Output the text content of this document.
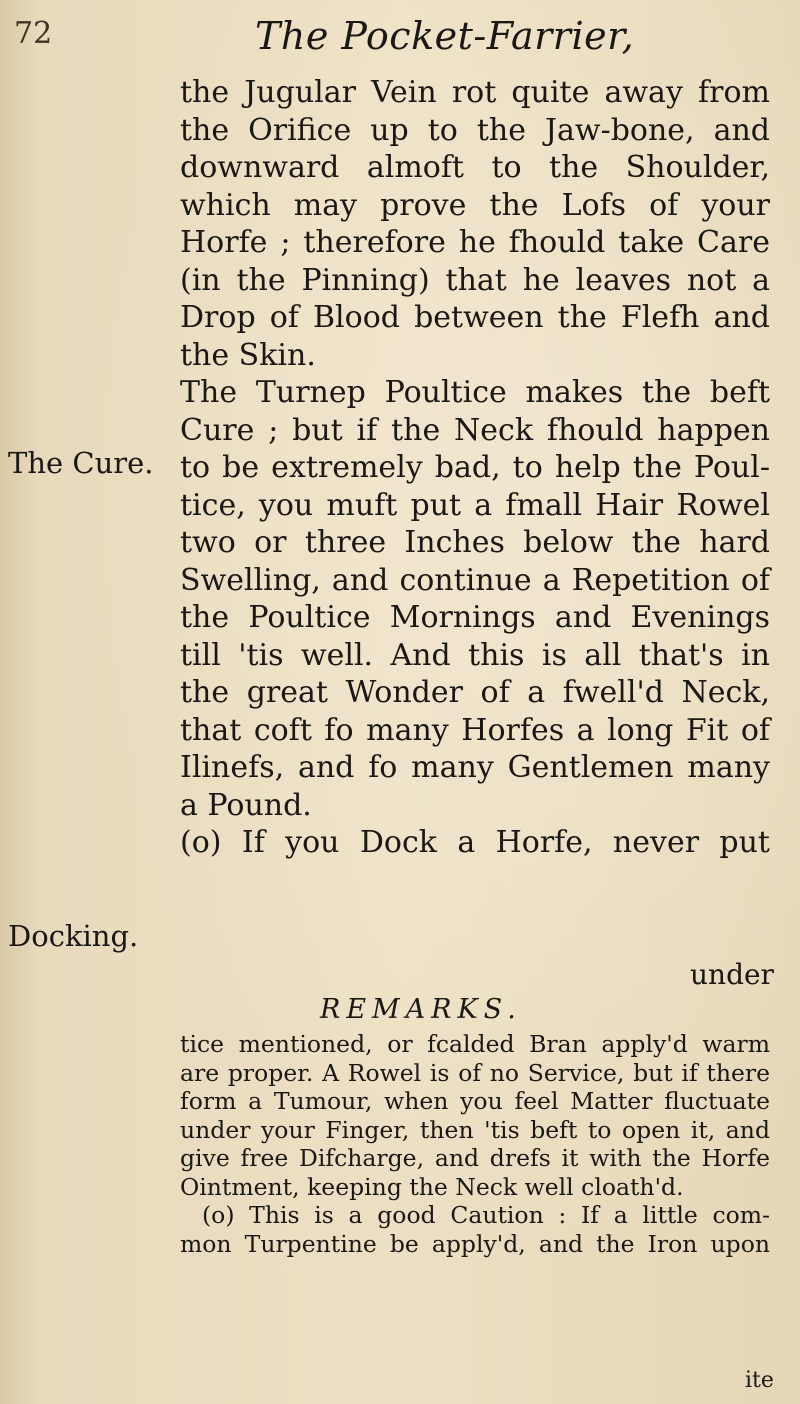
72	The Pocket-Farrier,
The Cure.
Docking.
the Jugular Vein rot quite away from
the Orifice up to the Jaw-bone, and
downward almoft to the Shoulder,
which may prove the Lofs of your
Horfe ; therefore he fhould take Care
(in the Pinning) that he leaves not a
Drop of Blood between the Flefh and
the Skin.
The Turnep Poultice makes the beft
Cure ; but if the Neck fhould happen
to be extremely bad, to help the Poul-
tice, you muft put a fmall Hair Rowel
two or three Inches below the hard
Swelling, and continue a Repetition of
the Poultice Mornings and Evenings
till 'tis well. And this is all that's in
the great Wonder of a fwell'd Neck,
that coft fo many Horfes a long Fit of
Ilinefs, and fo many Gentlemen many
a Pound.
(o) If you Dock a Horfe, never put
under
REMARKS.
tice mentioned, or fcalded Bran apply'd warm
are proper. A Rowel is of no Service, but if there
form a Tumour, when you feel Matter fluctuate
under your Finger, then 'tis beft to open it, and
give free Difcharge, and drefs it with the Horfe
Ointment, keeping the Neck well cloath'd.
(o) This is a good Caution : If a little com-
mon Turpentine be apply'd, and the Iron upon
ite
